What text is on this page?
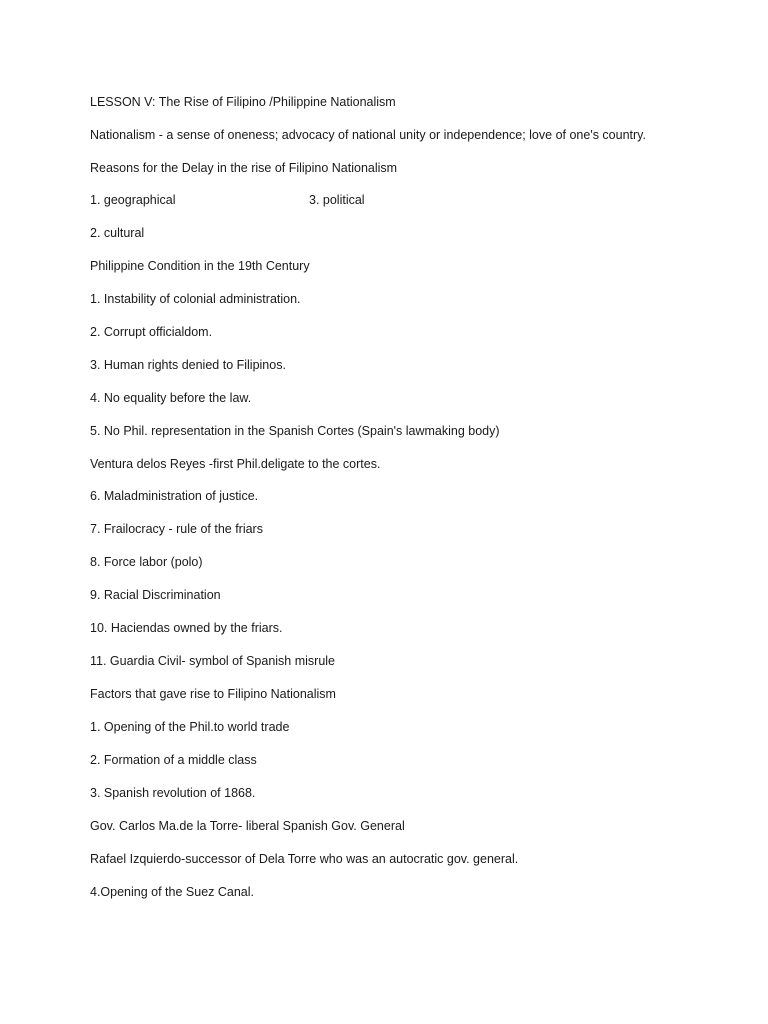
LESSON V: The Rise of Filipino /Philippine Nationalism
Nationalism - a sense of oneness; advocacy of national unity or independence; love of one's country.
Reasons for the Delay in the rise of Filipino Nationalism
1. geographical	3. political
2. cultural
Philippine Condition in the 19th Century
1. Instability of colonial administration.
2. Corrupt officialdom.
3. Human rights denied to Filipinos.
4. No equality before the law.
5. No Phil. representation in the Spanish Cortes (Spain's lawmaking body)
Ventura delos Reyes -first Phil.deligate to the cortes.
6. Maladministration of justice.
7. Frailocracy - rule of the friars
8. Force labor (polo)
9. Racial Discrimination
10. Haciendas owned by the friars.
11. Guardia Civil- symbol of Spanish misrule
Factors that gave rise to Filipino Nationalism
1. Opening of the Phil.to world trade
2. Formation of a middle class
3. Spanish revolution of 1868.
Gov. Carlos Ma.de la Torre- liberal Spanish Gov. General
Rafael Izquierdo-successor of Dela Torre who was an autocratic gov. general.
4.Opening of the Suez Canal.
